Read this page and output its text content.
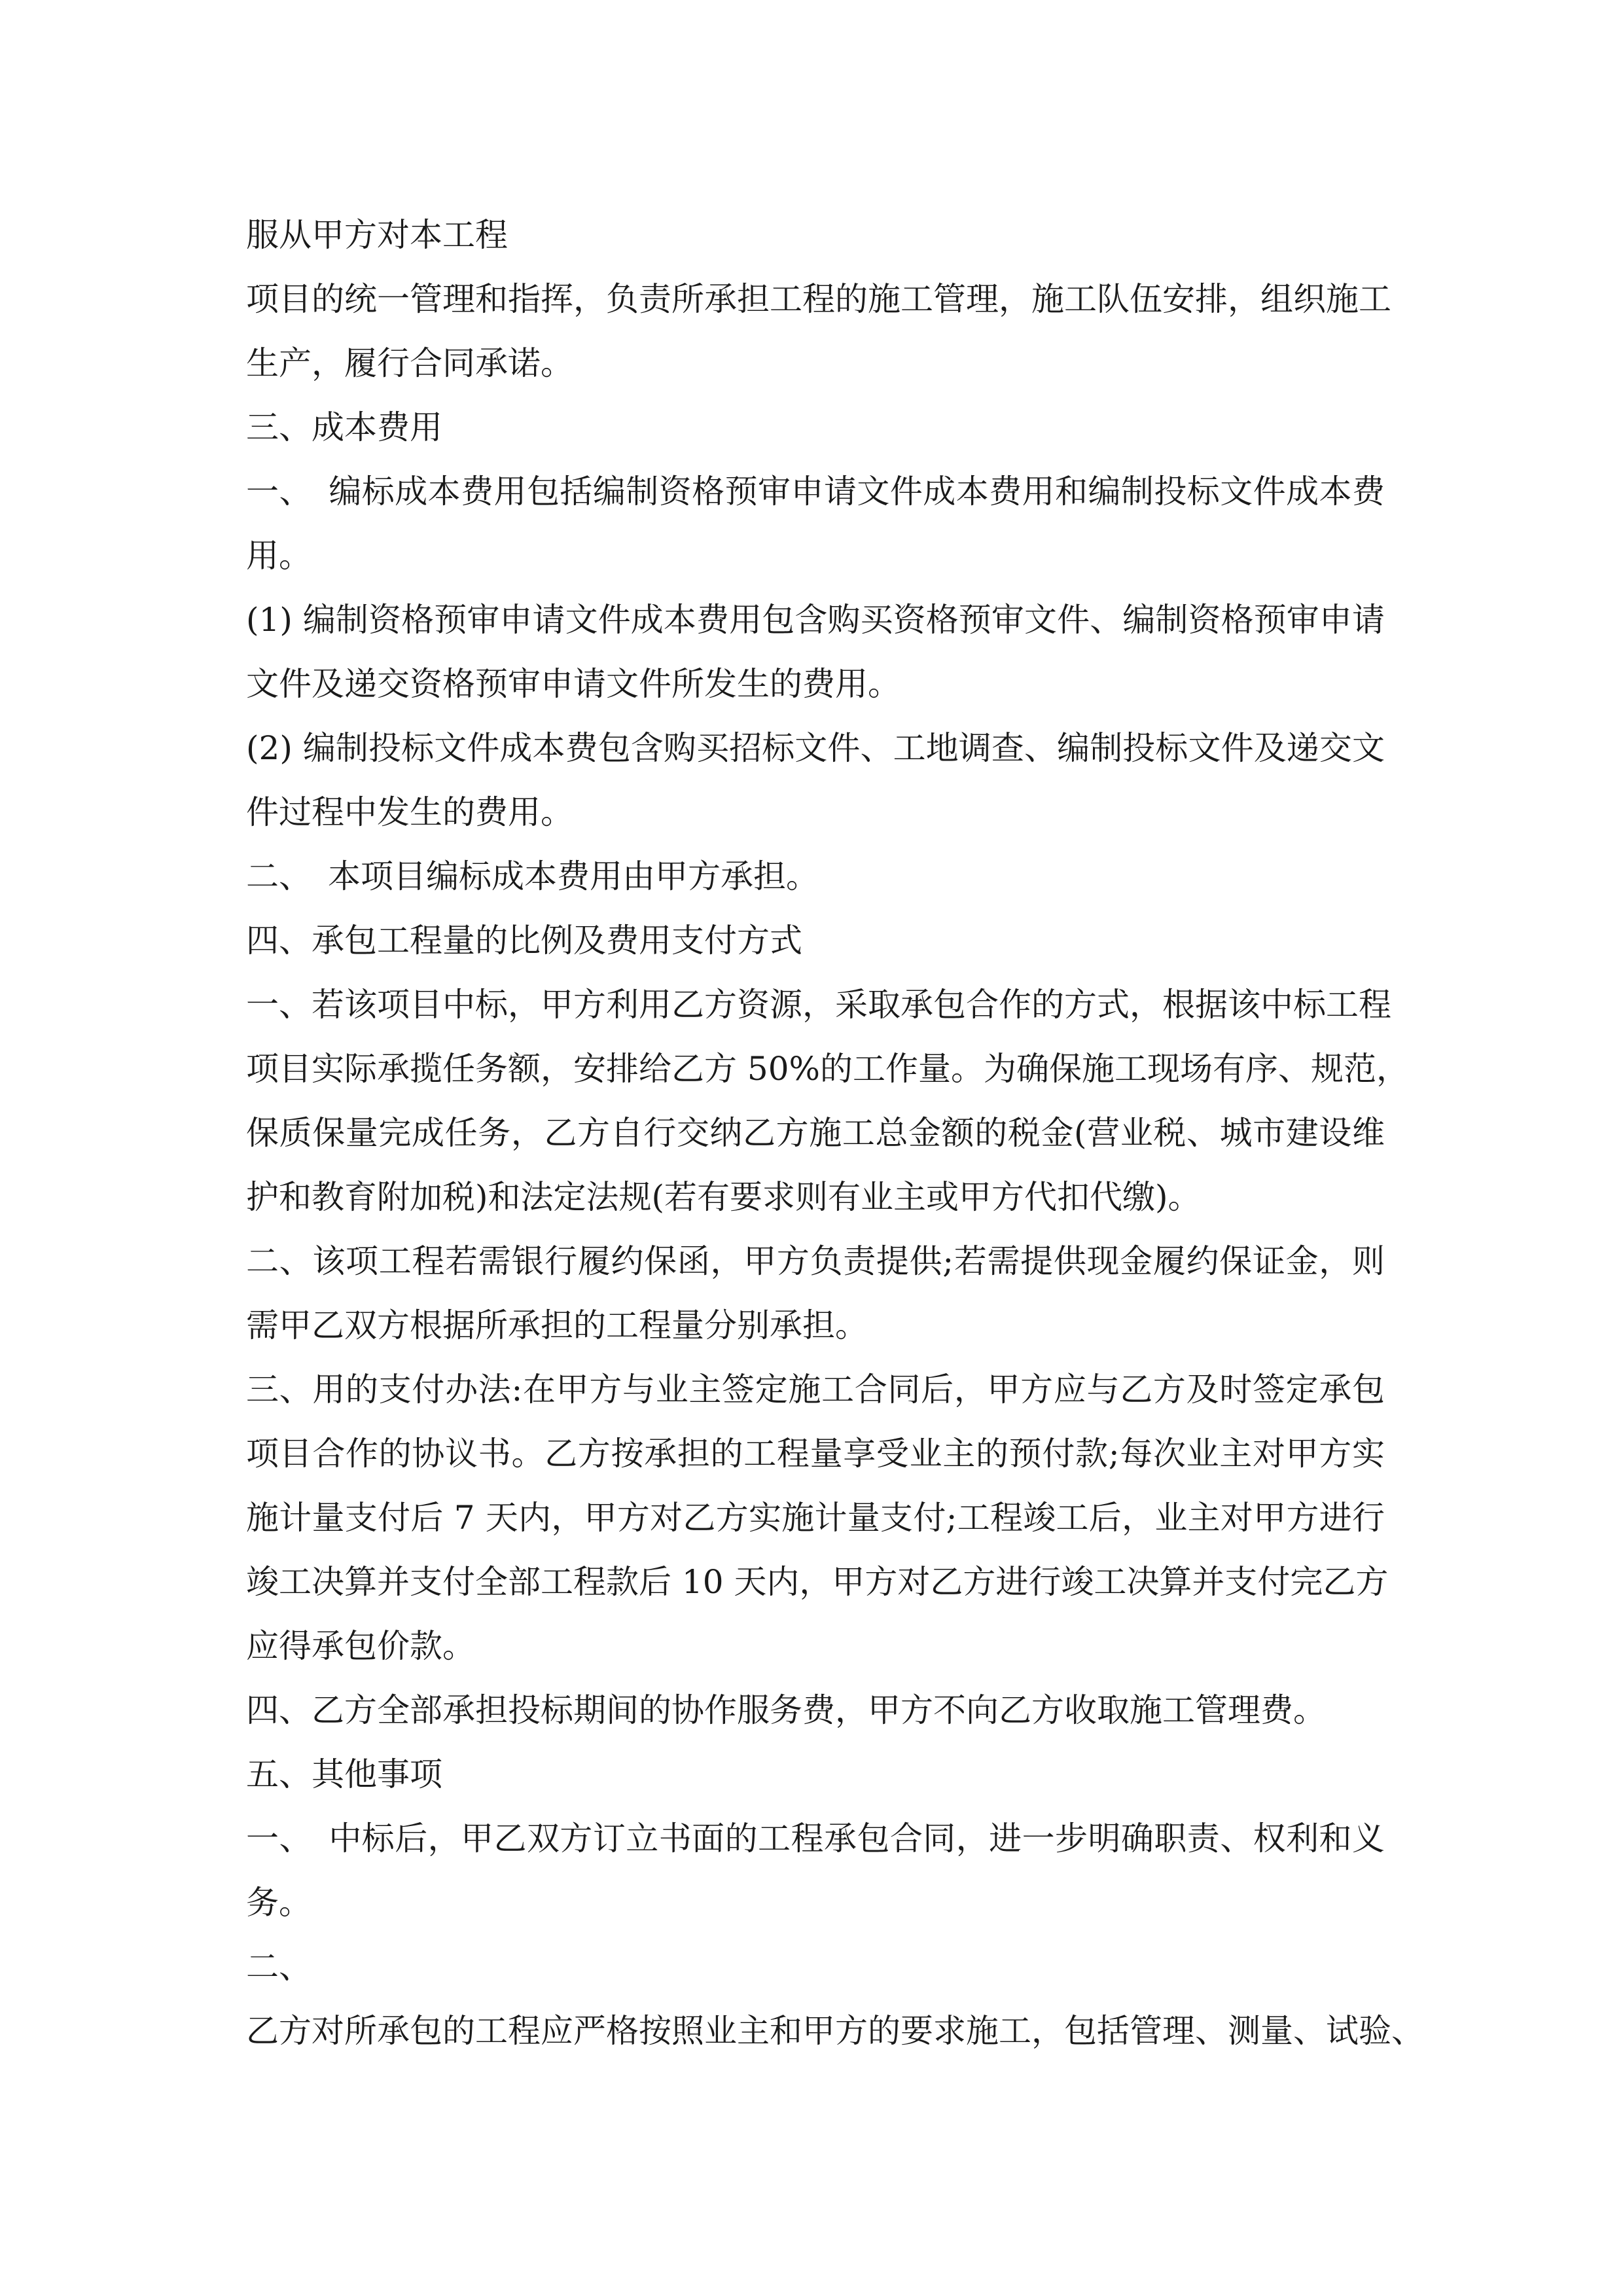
服从甲方对本工程

项目的统一管理和指挥，负责所承担工程的施工管理，施工队伍安排，组织施工

生产，履行合同承诺。

三、成本费用

一、　编标成本费用包括编制资格预审申请文件成本费用和编制投标文件成本费

用。

(1) 编制资格预审申请文件成本费用包含购买资格预审文件、编制资格预审申请

文件及递交资格预审申请文件所发生的费用。

(2) 编制投标文件成本费包含购买招标文件、工地调查、编制投标文件及递交文

件过程中发生的费用。

二、　本项目编标成本费用由甲方承担。

四、承包工程量的比例及费用支付方式

一、若该项目中标，甲方利用乙方资源，采取承包合作的方式，根据该中标工程

项目实际承揽任务额，安排给乙方 50%的工作量。为确保施工现场有序、规范，

保质保量完成任务，乙方自行交纳乙方施工总金额的税金(营业税、城市建设维

护和教育附加税)和法定法规(若有要求则有业主或甲方代扣代缴)。

二、该项工程若需银行履约保函，甲方负责提供;若需提供现金履约保证金，则

需甲乙双方根据所承担的工程量分别承担。

三、用的支付办法:在甲方与业主签定施工合同后，甲方应与乙方及时签定承包

项目合作的协议书。乙方按承担的工程量享受业主的预付款;每次业主对甲方实

施计量支付后 7 天内，甲方对乙方实施计量支付;工程竣工后，业主对甲方进行

竣工决算并支付全部工程款后 10 天内，甲方对乙方进行竣工决算并支付完乙方

应得承包价款。

四、乙方全部承担投标期间的协作服务费，甲方不向乙方收取施工管理费。

五、其他事项

一、　中标后，甲乙双方订立书面的工程承包合同，进一步明确职责、权利和义

务。

二、

乙方对所承包的工程应严格按照业主和甲方的要求施工，包括管理、测量、试验、
